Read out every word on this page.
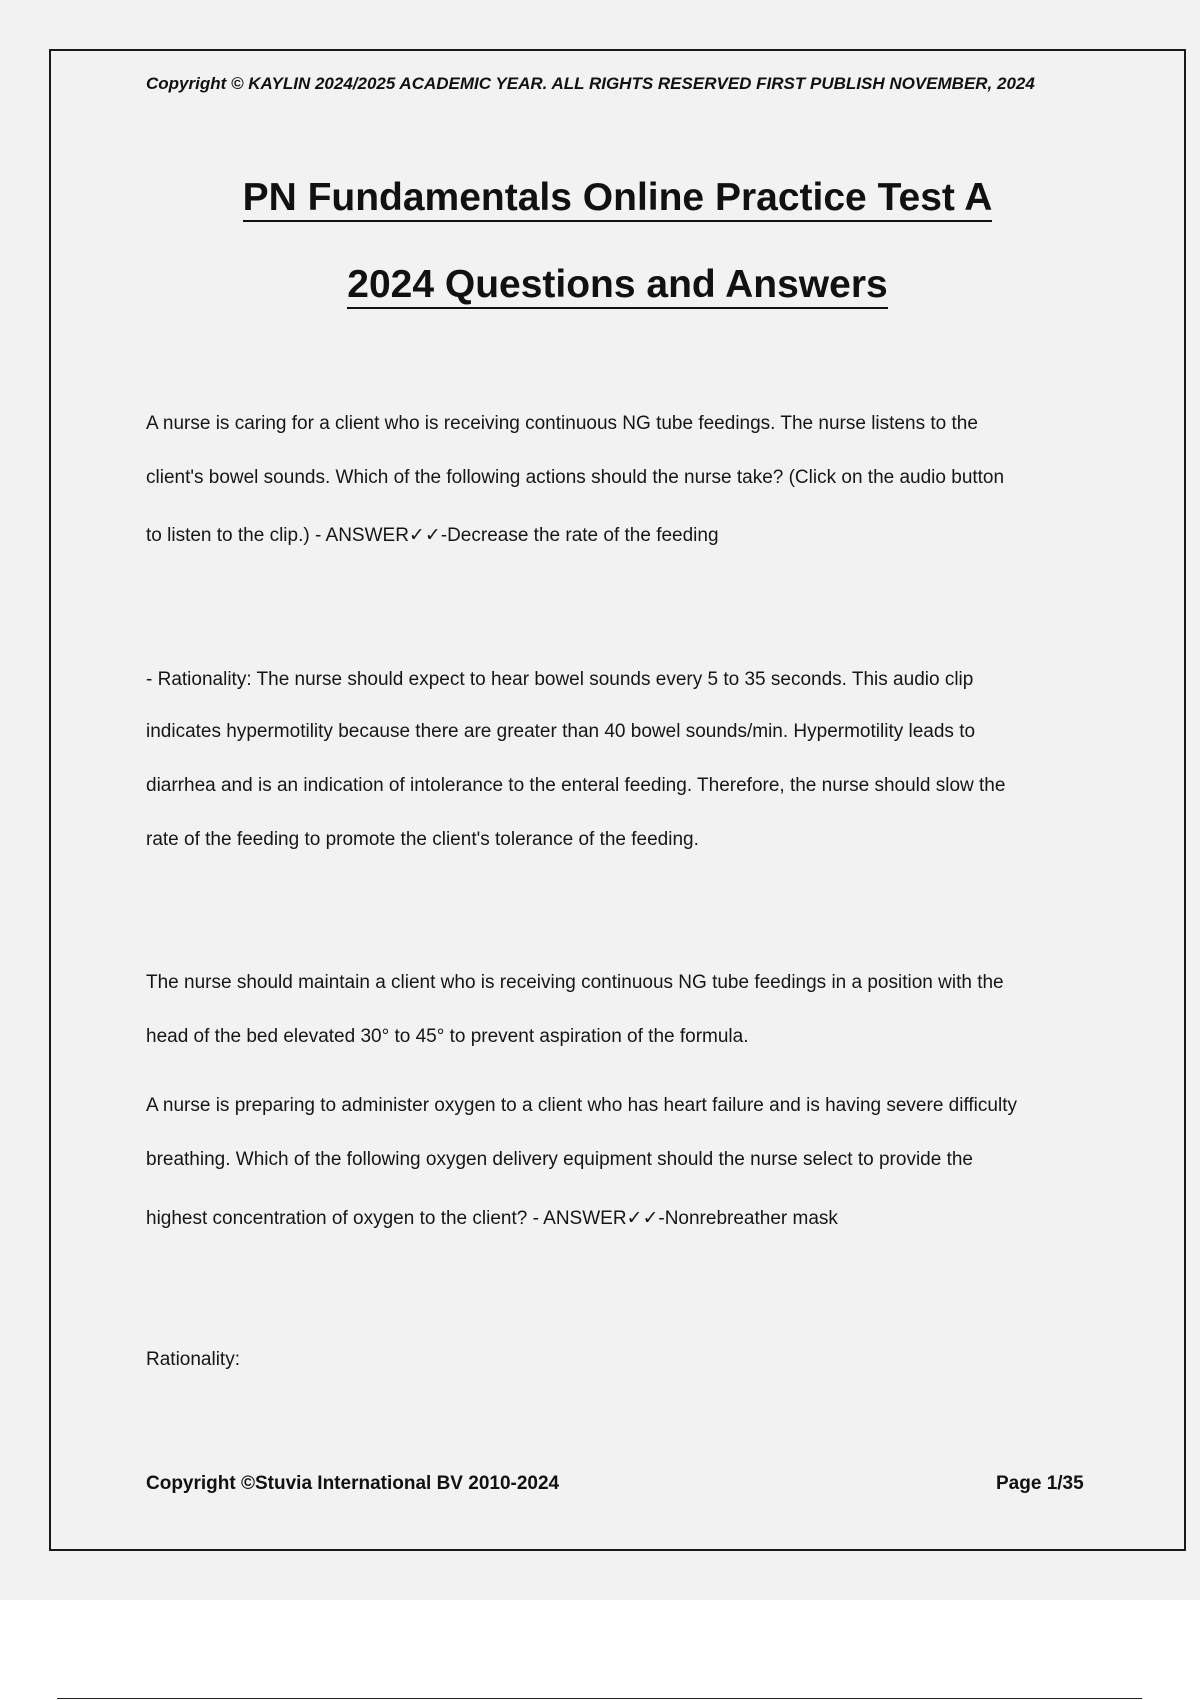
Copyright © KAYLIN 2024/2025 ACADEMIC YEAR. ALL RIGHTS RESERVED FIRST PUBLISH NOVEMBER, 2024
PN Fundamentals Online Practice Test A
2024 Questions and Answers
A nurse is caring for a client who is receiving continuous NG tube feedings. The nurse listens to the
client's bowel sounds. Which of the following actions should the nurse take? (Click on the audio button
to listen to the clip.) - ANSWER✓✓-Decrease the rate of the feeding
- Rationality: The nurse should expect to hear bowel sounds every 5 to 35 seconds. This audio clip
indicates hypermotility because there are greater than 40 bowel sounds/min. Hypermotility leads to
diarrhea and is an indication of intolerance to the enteral feeding. Therefore, the nurse should slow the
rate of the feeding to promote the client's tolerance of the feeding.
The nurse should maintain a client who is receiving continuous NG tube feedings in a position with the
head of the bed elevated 30° to 45° to prevent aspiration of the formula.
A nurse is preparing to administer oxygen to a client who has heart failure and is having severe difficulty
breathing. Which of the following oxygen delivery equipment should the nurse select to provide the
highest concentration of oxygen to the client? - ANSWER✓✓-Nonrebreather mask
Rationality:
Copyright ©Stuvia International BV 2010-2024	Page 1/35
